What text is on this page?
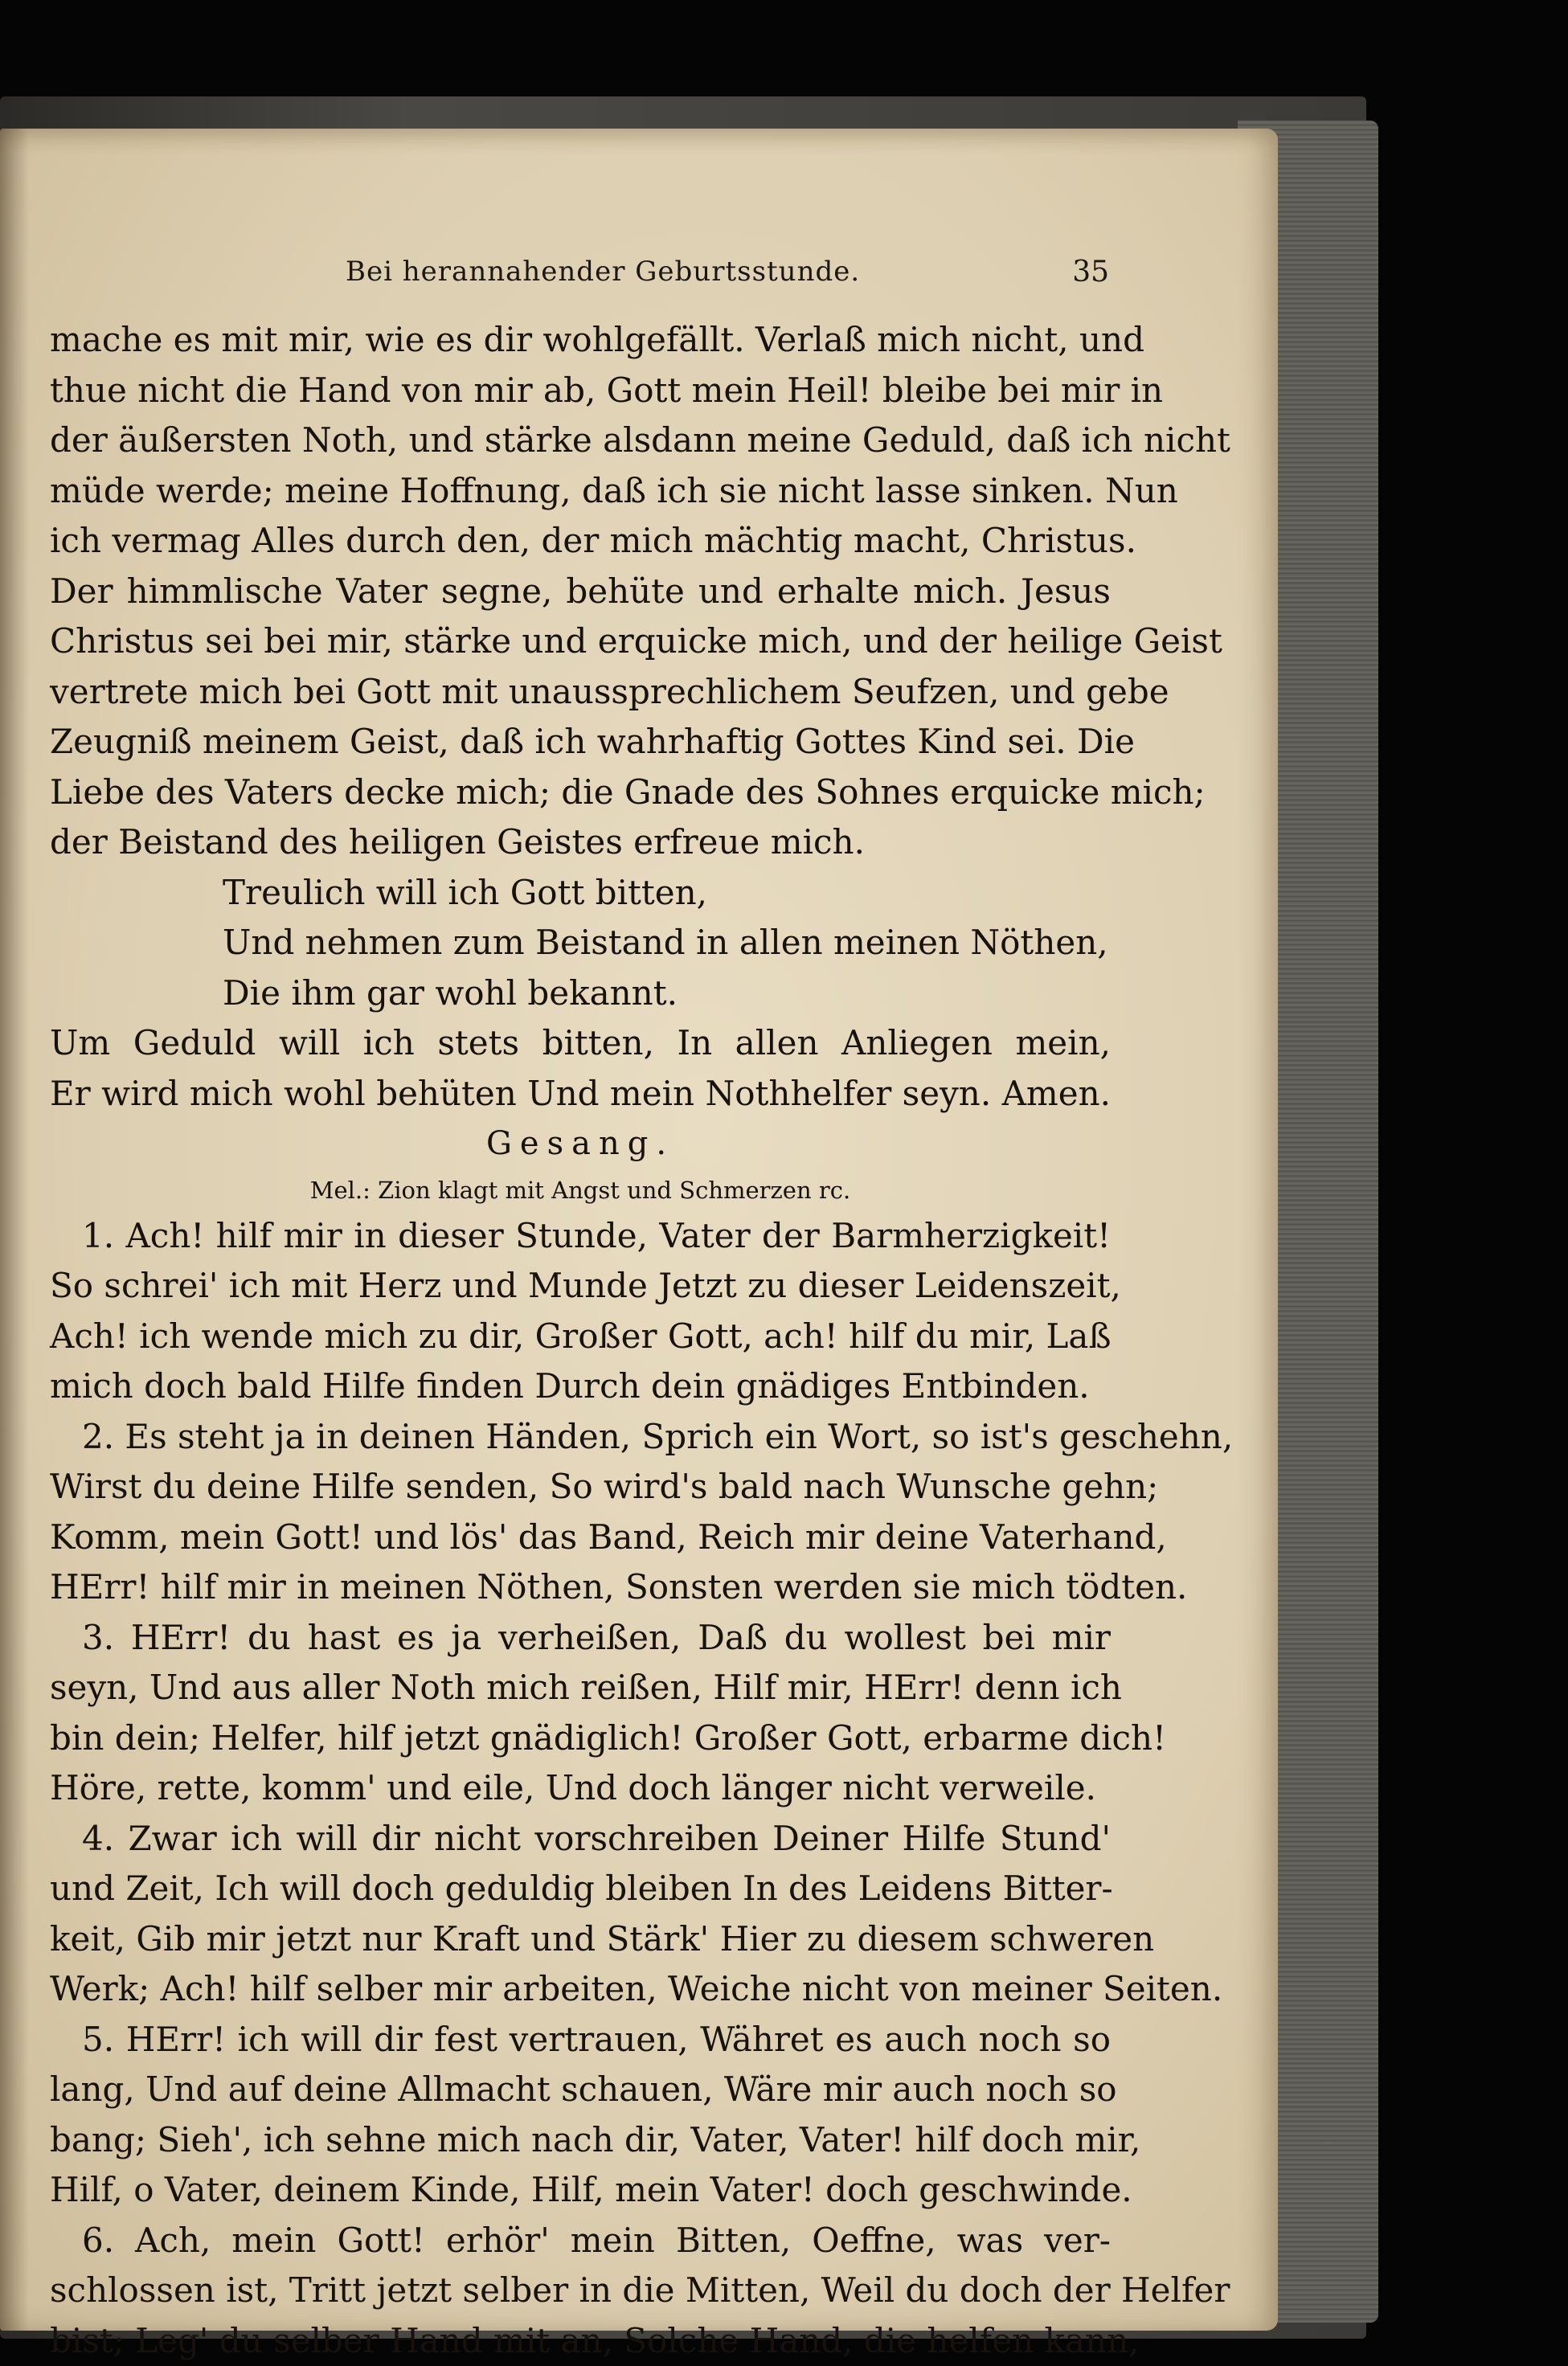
Bei herannahender Geburtsstunde.	35
mache es mit mir, wie es dir wohlgefällt. Verlaß mich nicht, und
thue nicht die Hand von mir ab, Gott mein Heil! bleibe bei mir in
der äußersten Noth, und stärke alsdann meine Geduld, daß ich nicht
müde werde; meine Hoffnung, daß ich sie nicht lasse sinken. Nun
ich vermag Alles durch den, der mich mächtig macht, Christus.
Der himmlische Vater segne, behüte und erhalte mich. Jesus
Christus sei bei mir, stärke und erquicke mich, und der heilige Geist
vertrete mich bei Gott mit unaussprechlichem Seufzen, und gebe
Zeugniß meinem Geist, daß ich wahrhaftig Gottes Kind sei. Die
Liebe des Vaters decke mich; die Gnade des Sohnes erquicke mich;
der Beistand des heiligen Geistes erfreue mich.
Treulich will ich Gott bitten,
Und nehmen zum Beistand in allen meinen Nöthen,
Die ihm gar wohl bekannt.
Um Geduld will ich stets bitten, In allen Anliegen mein,
Er wird mich wohl behüten Und mein Nothhelfer seyn. Amen.
Gesang.
Mel.: Zion klagt mit Angst und Schmerzen rc.
1. Ach! hilf mir in dieser Stunde, Vater der Barmherzigkeit!
So schrei' ich mit Herz und Munde Jetzt zu dieser Leidenszeit,
Ach! ich wende mich zu dir, Großer Gott, ach! hilf du mir, Laß
mich doch bald Hilfe finden Durch dein gnädiges Entbinden.
2. Es steht ja in deinen Händen, Sprich ein Wort, so ist's geschehn,
Wirst du deine Hilfe senden, So wird's bald nach Wunsche gehn;
Komm, mein Gott! und lös' das Band, Reich mir deine Vaterhand,
HErr! hilf mir in meinen Nöthen, Sonsten werden sie mich tödten.
3. HErr! du hast es ja verheißen, Daß du wollest bei mir
seyn, Und aus aller Noth mich reißen, Hilf mir, HErr! denn ich
bin dein; Helfer, hilf jetzt gnädiglich! Großer Gott, erbarme dich!
Höre, rette, komm' und eile, Und doch länger nicht verweile.
4. Zwar ich will dir nicht vorschreiben Deiner Hilfe Stund'
und Zeit, Ich will doch geduldig bleiben In des Leidens Bitter-
keit, Gib mir jetzt nur Kraft und Stärk' Hier zu diesem schweren
Werk; Ach! hilf selber mir arbeiten, Weiche nicht von meiner Seiten.
5. HErr! ich will dir fest vertrauen, Währet es auch noch so
lang, Und auf deine Allmacht schauen, Wäre mir auch noch so
bang; Sieh', ich sehne mich nach dir, Vater, Vater! hilf doch mir,
Hilf, o Vater, deinem Kinde, Hilf, mein Vater! doch geschwinde.
6. Ach, mein Gott! erhör' mein Bitten, Oeffne, was ver-
schlossen ist, Tritt jetzt selber in die Mitten, Weil du doch der Helfer
bist; Leg' du selber Hand mit an, Solche Hand, die helfen kann,
